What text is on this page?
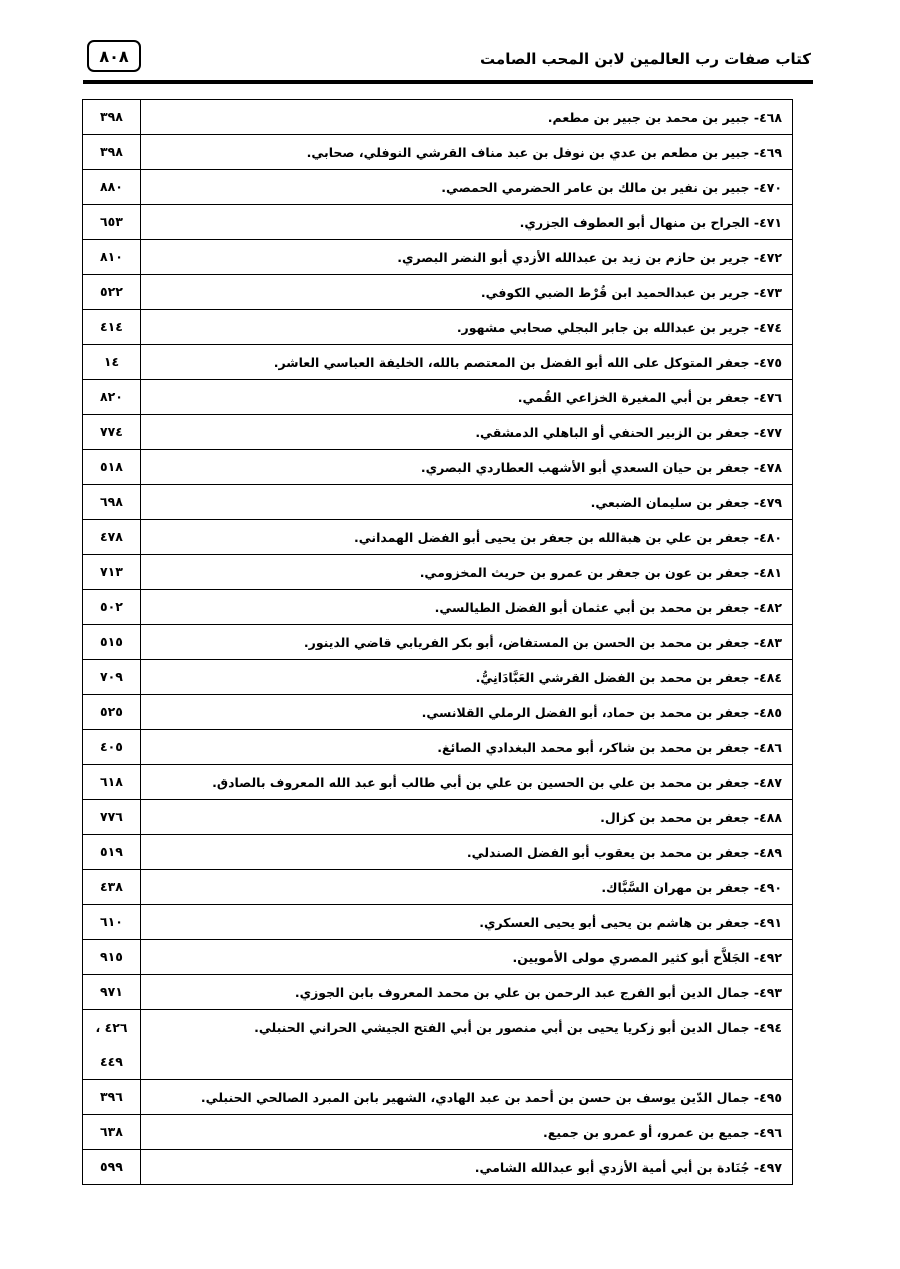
كتاب صفات رب العالمين لابن المحب الصامت
٨٠٨
٤٦٨- جبير بن محمد بن جبير بن مطعم.	٣٩٨

٤٦٩- جبير بن مطعم بن عدي بن نوفل بن عبد مناف القرشي النوفلي، صحابي.	٣٩٨

٤٧٠- جبير بن نفير بن مالك بن عامر الحضرمي الحمصي.	٨٨٠

٤٧١- الجراح بن منهال أبو العطوف الجزري.	٦٥٣

٤٧٢- جرير بن حازم بن زيد بن عبدالله الأزدي أبو النضر البصري.	٨١٠

٤٧٣- جرير بن عبدالحميد ابن قُرْط الضبي الكوفي.	٥٢٢

٤٧٤- جرير بن عبدالله بن جابر البجلي صحابي مشهور.	٤١٤

٤٧٥- جعفر المتوكل على الله أبو الفضل بن المعتصم بالله، الخليفة العباسي العاشر.	١٤

٤٧٦- جعفر بن أبي المغيرة الخزاعي القُمي.	٨٢٠

٤٧٧- جعفر بن الزبير الحنفي أو الباهلي الدمشقي.	٧٧٤

٤٧٨- جعفر بن حيان السعدي أبو الأشهب العطاردي البصري.	٥١٨

٤٧٩- جعفر بن سليمان الضبعي.	٦٩٨

٤٨٠- جعفر بن علي بن هبةالله بن جعفر بن يحيى أبو الفضل الهمداني.	٤٧٨

٤٨١- جعفر بن عون بن جعفر بن عمرو بن حريث المخزومي.	٧١٣

٤٨٢- جعفر بن محمد بن أبي عثمان أبو الفضل الطيالسي.	٥٠٢

٤٨٣- جعفر بن محمد بن الحسن بن المستفاض، أبو بكر الفريابي قاضي الدينور.	٥١٥

٤٨٤- جعفر بن محمد بن الفضل القرشي العَبَّادَانِيُّ.	٧٠٩

٤٨٥- جعفر بن محمد بن حماد، أبو الفضل الرملي القلانسي.	٥٢٥

٤٨٦- جعفر بن محمد بن شاكر، أبو محمد البغدادي الصائغ.	٤٠٥

٤٨٧- جعفر بن محمد بن علي بن الحسين بن علي بن أبي طالب أبو عبد الله المعروف بالصادق.	٦١٨

٤٨٨- جعفر بن محمد بن كزال.	٧٧٦

٤٨٩- جعفر بن محمد بن يعقوب أبو الفضل الصندلي.	٥١٩

٤٩٠- جعفر بن مهران السَّبَّاك.	٤٣٨

٤٩١- جعفر بن هاشم بن يحيى أبو يحيى العسكري.	٦١٠

٤٩٢- الجَلاَّح أبو كثير المصري مولى الأمويين.	٩١٥

٤٩٣- جمال الدين أبو الفرج عبد الرحمن بن علي بن محمد المعروف بابن الجوزي.	٩٧١

٤٩٤- جمال الدين أبو زكريا يحيى بن أبي منصور بن أبي الفتح الجيشي الحراني الحنبلي.	٤٢٦ ،
٤٤٩

٤٩٥- جمال الدّين يوسف بن حسن بن أحمد بن عبد الهادي، الشهير بابن المبرد الصالحي الحنبلي.	٣٩٦

٤٩٦- جميع بن عمرو، أو عمرو بن جميع.	٦٣٨

٤٩٧- جُنَادة بن أبي أمية الأزدي أبو عبدالله الشامي.	٥٩٩
